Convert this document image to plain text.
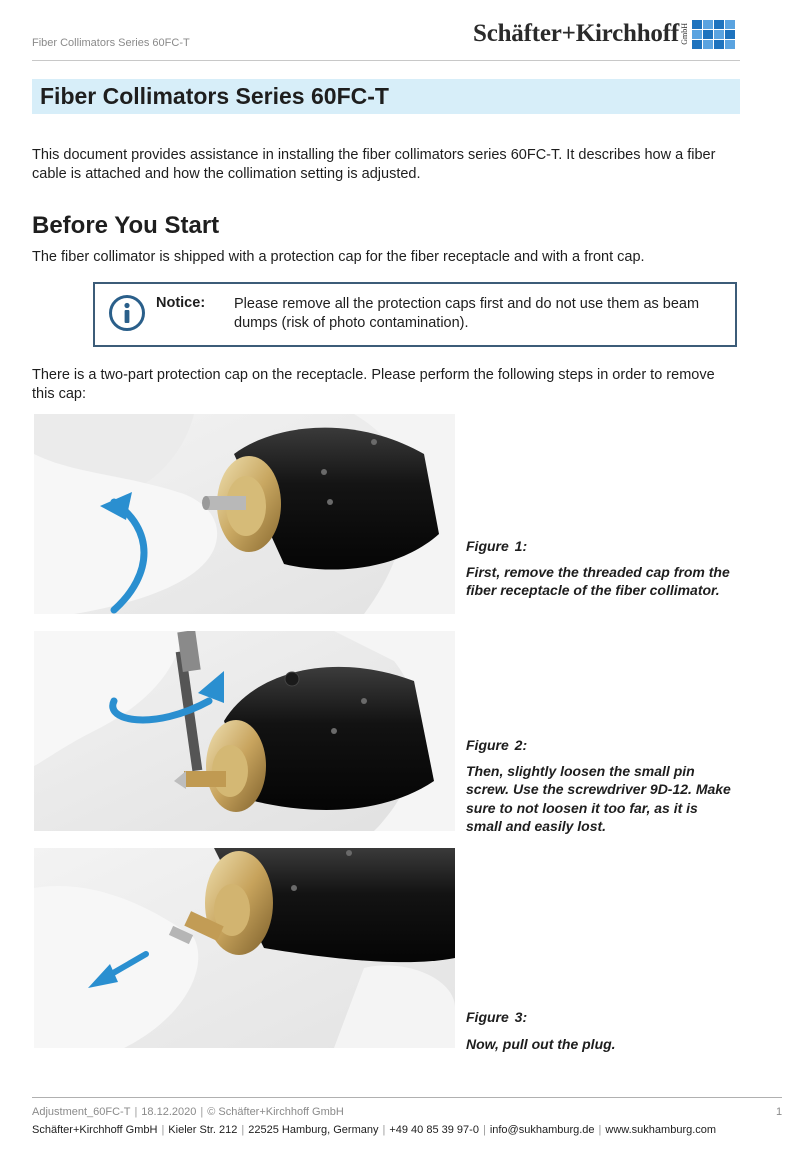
Fiber Collimators Series 60FC-T	Schäfter+Kirchhoff GmbH
Fiber Collimators Series 60FC-T
This document provides assistance in installing the fiber collimators series 60FC-T. It describes how a fiber cable is attached and how the collimation setting is adjusted.
Before You Start
The fiber collimator is shipped with a protection cap for the fiber receptacle and with a front cap.
Notice: Please remove all the protection caps first and do not use them as beam dumps (risk of photo contamination).
There is a two-part protection cap on the receptacle. Please perform the following steps in order to remove this cap:
Figure 1:
First, remove the threaded cap from the fiber receptacle of the fiber collimator.
Figure 2:
Then, slightly loosen the small pin screw. Use the screwdriver 9D-12. Make sure to not loosen it too far, as it is small and easily lost.
Figure 3:
Now, pull out the plug.
Adjustment_60FC-T | 18.12.2020 | © Schäfter+Kirchhoff GmbH	1
Schäfter+Kirchhoff GmbH | Kieler Str. 212 | 22525 Hamburg, Germany | +49 40 85 39 97-0 | info@sukhamburg.de | www.sukhamburg.com
